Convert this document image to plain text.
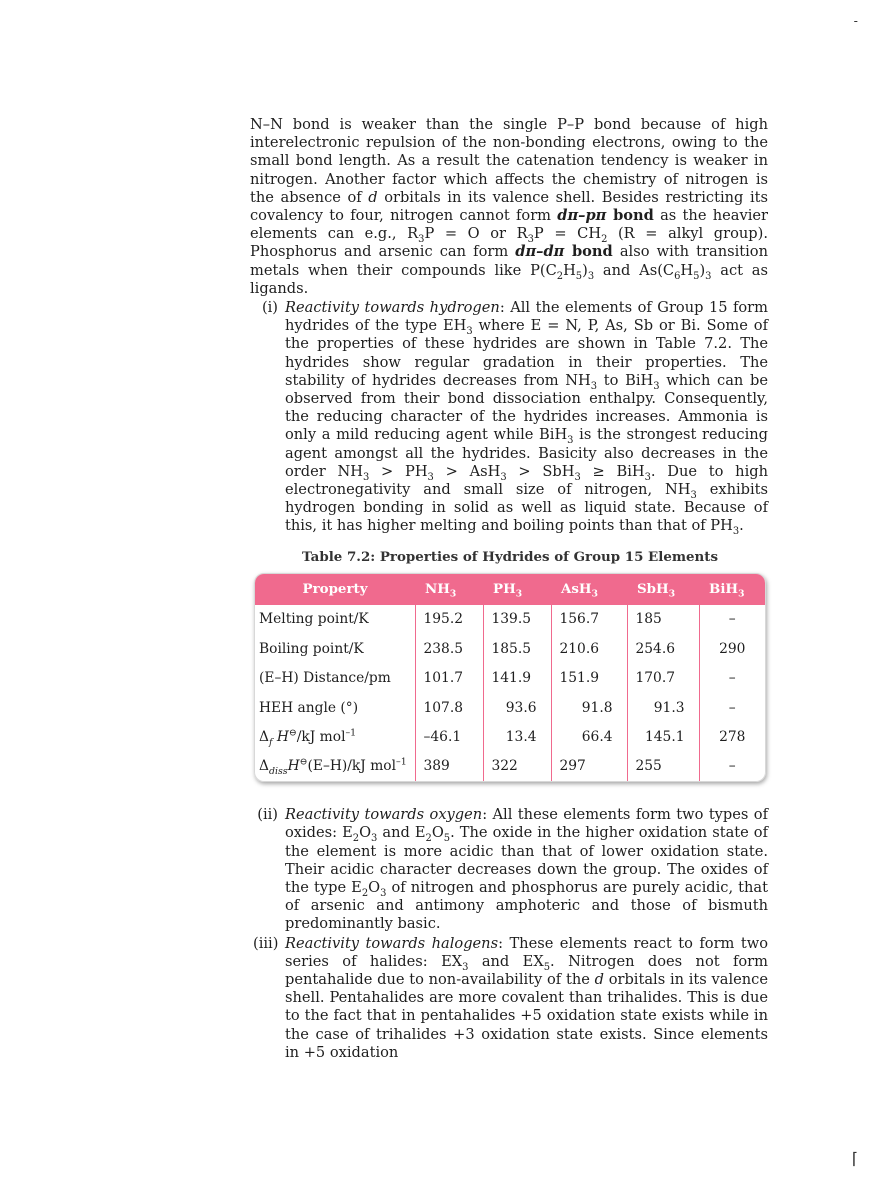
-
⌈

N–N bond is weaker than the single P–P bond because of high interelectronic repulsion of the non-bonding electrons, owing to the small bond length. As a result the catenation tendency is weaker in nitrogen. Another factor which affects the chemistry of nitrogen is the absence of d orbitals in its valence shell. Besides restricting its covalency to four, nitrogen cannot form dπ–pπ bond as the heavier elements can e.g., $R_3P = O$ or $R_3P = CH_2$ (R = alkyl group). Phosphorus and arsenic can form dπ–dπ bond also with transition metals when their compounds like $P(C_2H_5)_3$ and $As(C_6H_5)_3$ act as ligands.

(i) Reactivity towards hydrogen: All the elements of Group 15 form hydrides of the type $EH_3$ where E = N, P, As, Sb or Bi. Some of the properties of these hydrides are shown in Table 7.2. The hydrides show regular gradation in their properties. The stability of hydrides decreases from $NH_3$ to BiH$_3$ which can be observed from their bond dissociation enthalpy. Consequently, the reducing character of the hydrides increases. Ammonia is only a mild reducing agent while BiH$_3$ is the strongest reducing agent amongst all the hydrides. Basicity also decreases in the order $NH_3 > PH_3 > AsH_3 > SbH_3 \ge BiH_3$. Due to high electronegativity and small size of nitrogen, $NH_3$ exhibits hydrogen bonding in solid as well as liquid state. Because of this, it has higher melting and boiling points than that of $PH_3$.

Table 7.2: Properties of Hydrides of Group 15 Elements
Property	$NH_3$	$PH_3$	AsH$_3$	SbH$_3$	BiH$_3$
Melting point/K	195.2	139.5	156.7	185	–
Boiling point/K	238.5	185.5	210.6	254.6	290
(E–H) Distance/pm	101.7	141.9	151.9	170.7	–
HEH angle (°)	107.8	93.6	91.8	91.3	–
$\Delta_f$ H⊖/kJ mol$^{-1}$	–46.1	13.4	66.4	145.1	278
$\Delta_{diss}H^⊖(E-H)/kJ$ mol$^{-1}$	389	322	297	255	–
(ii) Reactivity towards oxygen: All these elements form two types of oxides: $E_2O_3$ and $E_2O_5$. The oxide in the higher oxidation state of the element is more acidic than that of lower oxidation state. Their acidic character decreases down the group. The oxides of the type $E_2O_3$ of nitrogen and phosphorus are purely acidic, that of arsenic and antimony amphoteric and those of bismuth predominantly basic.

(iii) Reactivity towards halogens: These elements react to form two series of halides: $EX_3$ and $EX_5$. Nitrogen does not form pentahalide due to non-availability of the d orbitals in its valence shell. Pentahalides are more covalent than trihalides. This is due to the fact that in pentahalides +5 oxidation state exists while in the case of trihalides +3 oxidation state exists. Since elements in +5 oxidation
